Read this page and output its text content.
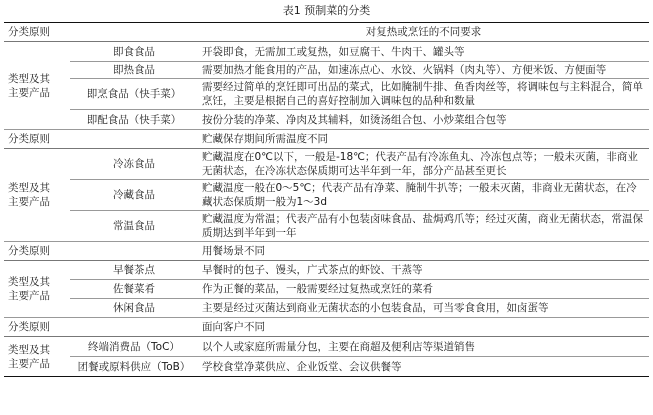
表1 预制菜的分类
分类原则		对复热或烹饪的不同要求
类型及其
主要产品	即食食品	开袋即食，无需加工或复热，如豆腐干、牛肉干、罐头等
	即热食品	需要加热才能食用的产品，如速冻点心、水饺、火锅料（肉丸等）、方便米饭、方便面等
	即烹食品（快手菜）	需要经过简单的烹饪即可出品的菜式，比如腌制牛排、鱼香肉丝等，将调味包与主料混合，简单烹饪，主要是根据自己的喜好控制加入调味包的品种和数量
	即配食品（快手菜）	按份分装的净菜、净肉及其辅料，如烫汤组合包、小炒菜组合包等
分类原则		贮藏保存期间所需温度不同
类型及其
主要产品	冷冻食品	贮藏温度在0℃以下，一般是-18℃；代表产品有冷冻鱼丸、冷冻包点等；一般未灭菌，非商业无菌状态，在冷冻状态保质期可达半年到一年，部分产品甚至更长
	冷藏食品	贮藏温度一般在0～5℃；代表产品有净菜、腌制牛扒等；一般未灭菌，非商业无菌状态，在冷藏状态保质期一般为1～3d
	常温食品	贮藏温度为常温；代表产品有小包装卤味食品、盐焗鸡爪等；经过灭菌，商业无菌状态，常温保质期达到半年到一年
分类原则		用餐场景不同
类型及其
主要产品	早餐茶点	早餐时的包子、馒头，广式茶点的虾饺、干蒸等
	佐餐菜肴	作为正餐的菜品，一般需要经过复热或烹饪的菜肴
	休闲食品	主要是经过灭菌达到商业无菌状态的小包装食品，可当零食食用，如卤蛋等
分类原则		面向客户不同
类型及其
主要产品	终端消费品（ToC）	以个人或家庭所需量分包，主要在商超及便利店等渠道销售
	团餐或原料供应（ToB）	学校食堂净菜供应、企业饭堂、会议供餐等
